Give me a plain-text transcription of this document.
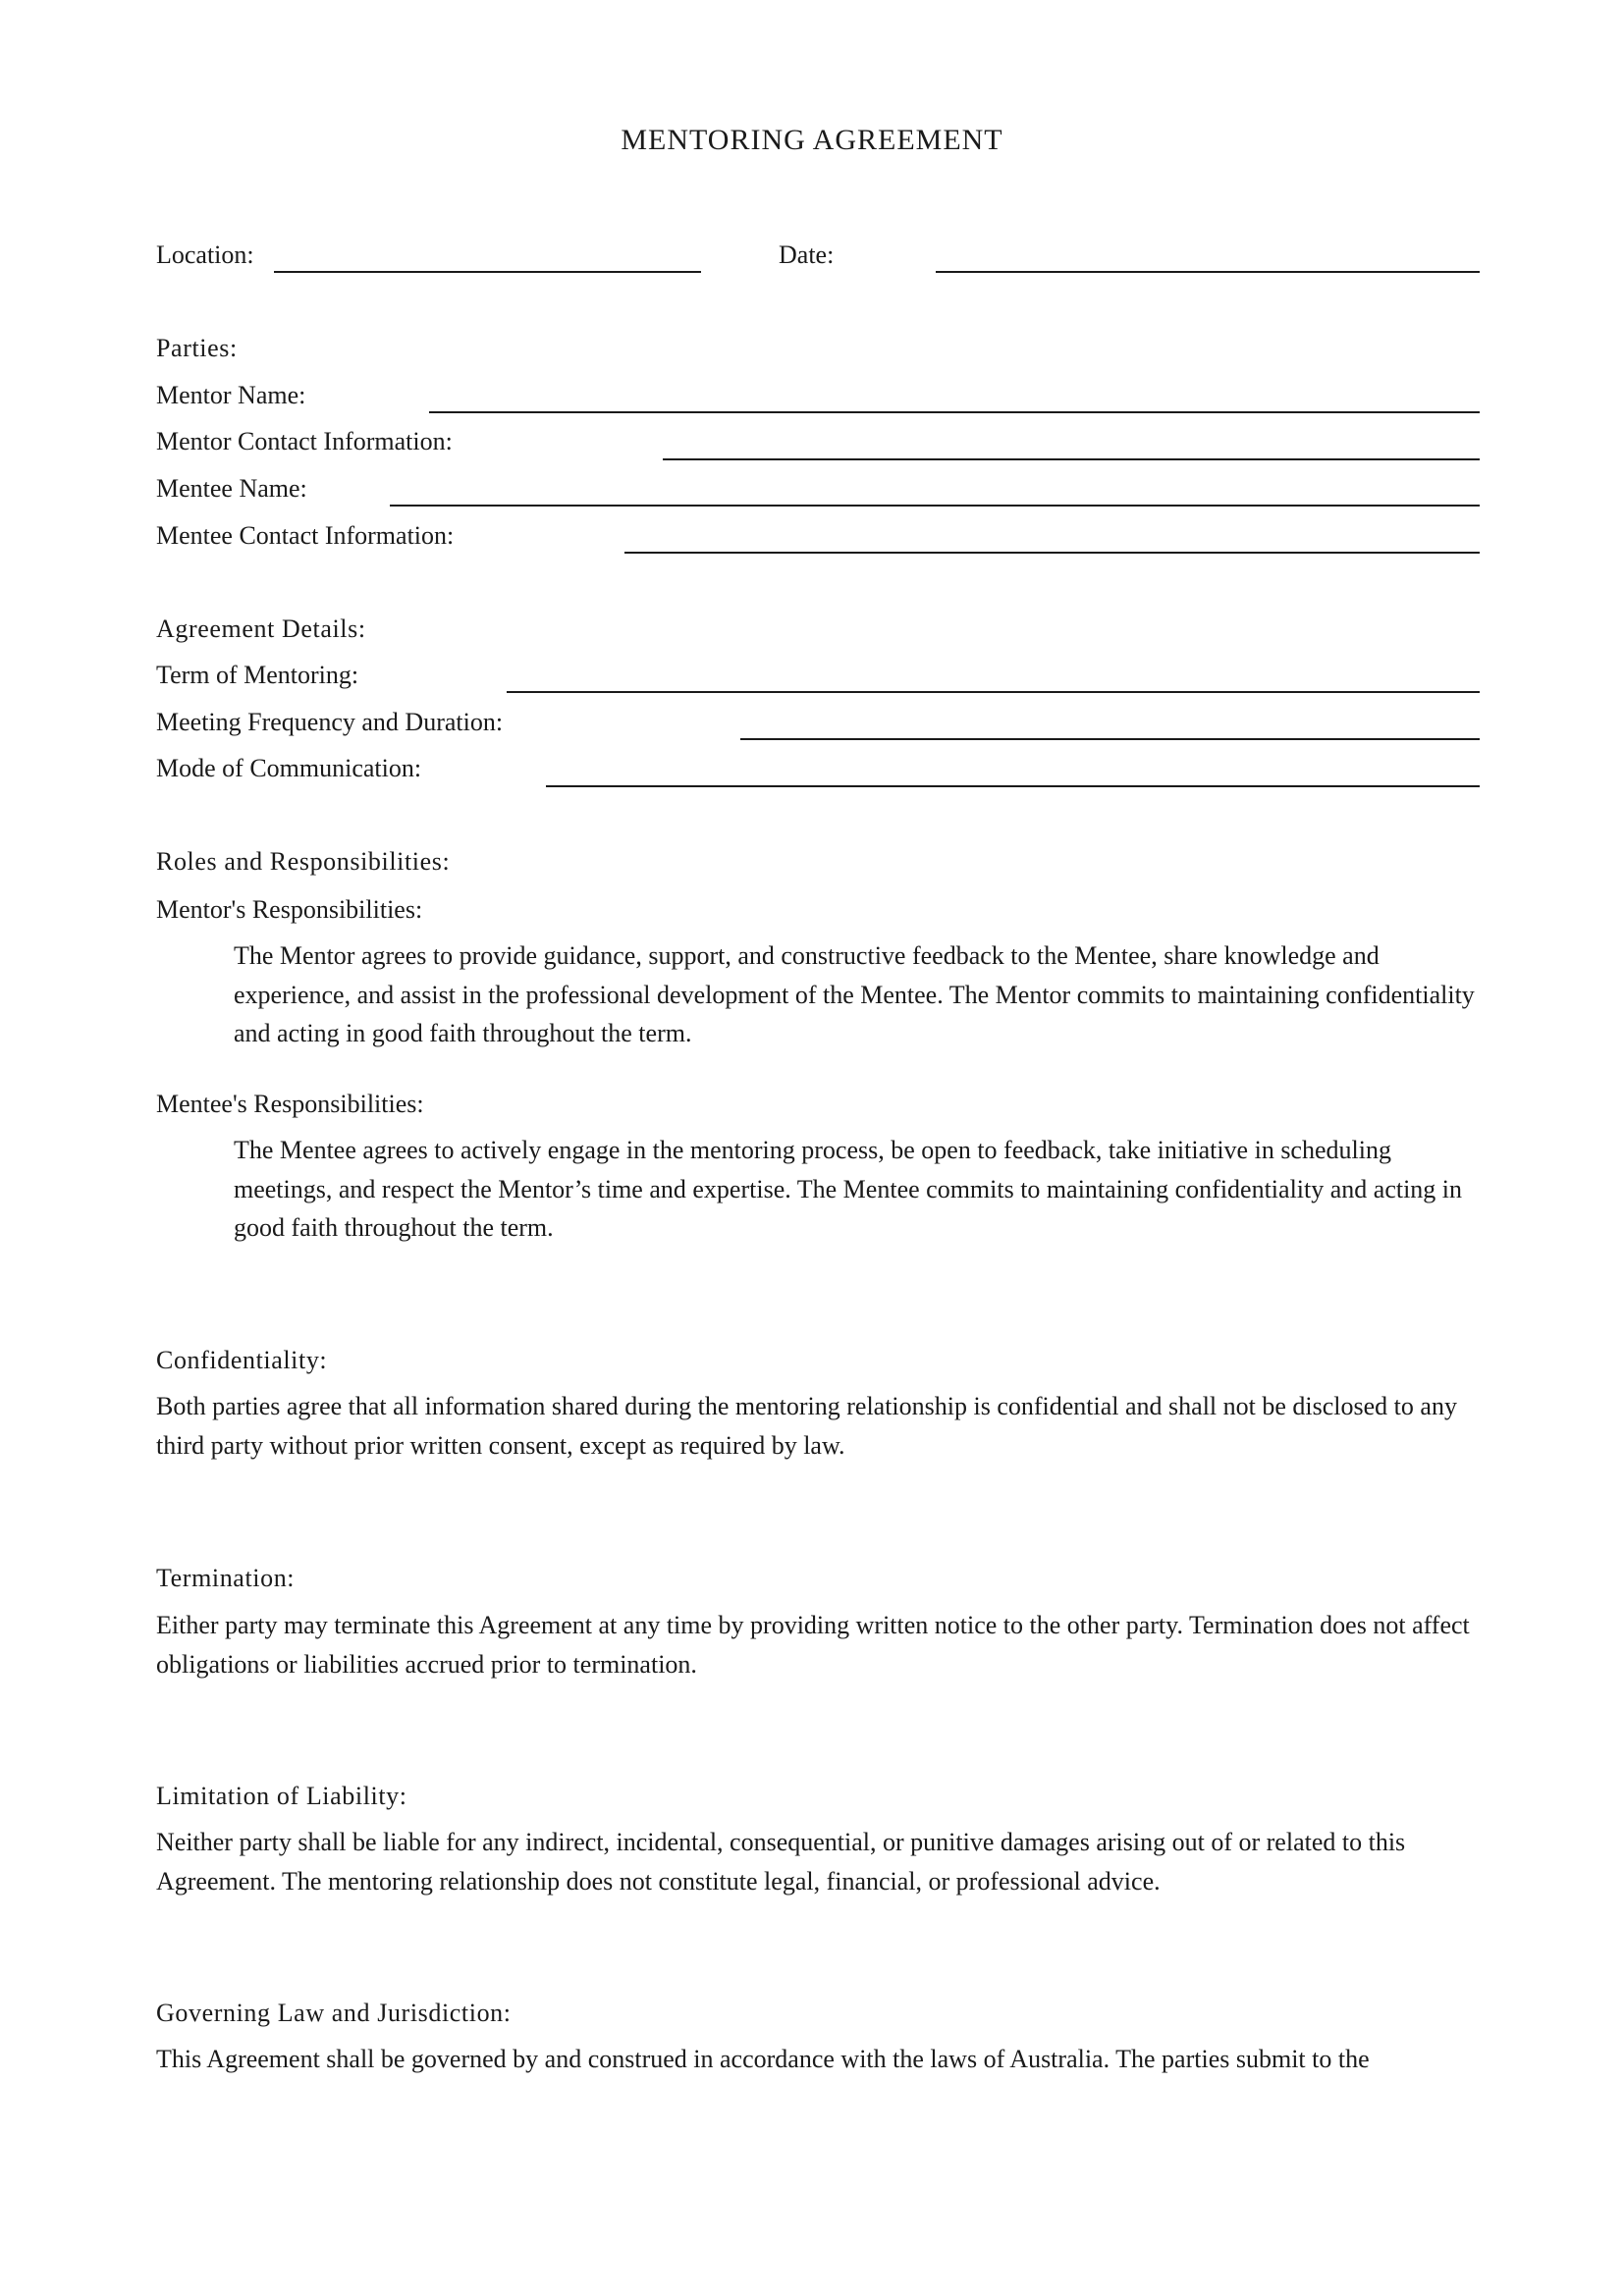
MENTORING AGREEMENT
Location:	Date:
Parties:
Mentor Name:
Mentor Contact Information:
Mentee Name:
Mentee Contact Information:
Agreement Details:
Term of Mentoring:
Meeting Frequency and Duration:
Mode of Communication:
Roles and Responsibilities:
Mentor's Responsibilities:
The Mentor agrees to provide guidance, support, and constructive feedback to the Mentee, share knowledge and experience, and assist in the professional development of the Mentee. The Mentor commits to maintaining confidentiality and acting in good faith throughout the term.
Mentee's Responsibilities:
The Mentee agrees to actively engage in the mentoring process, be open to feedback, take initiative in scheduling meetings, and respect the Mentor’s time and expertise. The Mentee commits to maintaining confidentiality and acting in good faith throughout the term.
Confidentiality:
Both parties agree that all information shared during the mentoring relationship is confidential and shall not be disclosed to any third party without prior written consent, except as required by law.
Termination:
Either party may terminate this Agreement at any time by providing written notice to the other party. Termination does not affect obligations or liabilities accrued prior to termination.
Limitation of Liability:
Neither party shall be liable for any indirect, incidental, consequential, or punitive damages arising out of or related to this Agreement. The mentoring relationship does not constitute legal, financial, or professional advice.
Governing Law and Jurisdiction:
This Agreement shall be governed by and construed in accordance with the laws of Australia. The parties submit to the
